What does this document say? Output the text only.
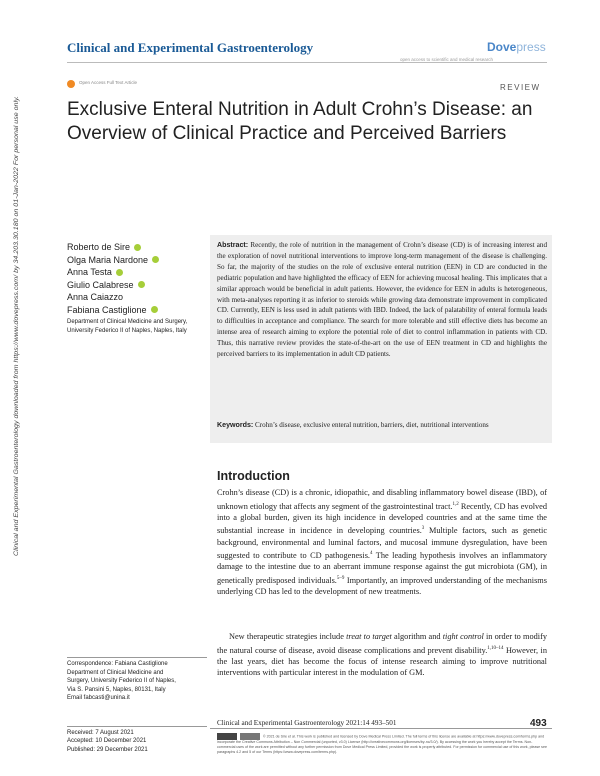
Clinical and Experimental Gastroenterology	Dovepress
open access to scientific and medical research
Open Access Full Text Article
REVIEW
Exclusive Enteral Nutrition in Adult Crohn’s Disease: an Overview of Clinical Practice and Perceived Barriers
Clinical and Experimental Gastroenterology downloaded from https://www.dovepress.com/ by 34.203.30.180 on 01-Jan-2022 For personal use only.	Roberto de Sire
Olga Maria Nardone
Anna Testa
Giulio Calabrese
Anna Caiazzo
Fabiana Castiglione
Department of Clinical Medicine and Surgery, University Federico II of Naples, Naples, Italy
Abstract: Recently, the role of nutrition in the management of Crohn’s disease (CD) is of increasing interest and the exploration of novel nutritional interventions to improve long-term management of the disease is challenging. So far, the majority of the studies on the role of exclusive enteral nutrition (EEN) in CD are conducted in the pediatric population and have highlighted the efficacy of EEN for achieving mucosal healing. This implicates that a similar approach would be beneficial in adult patients. However, the evidence for EEN in adults is heterogeneous, with meta-analyses reporting it as inferior to steroids while growing data demonstrate improvement in complicated CD. Currently, EEN is less used in adult patients with IBD. Indeed, the lack of palatability of enteral formula leads to difficulties in acceptance and compliance. The search for more tolerable and still effective diets has become an intense area of research aiming to explore the potential role of diet to control inflammation in patients with CD. Thus, this narrative review provides the state-of-the-art on the use of EEN treatment in CD and highlights the perceived barriers to its implementation in adult CD patients.
Keywords: Crohn’s disease, exclusive enteral nutrition, barriers, diet, nutritional interventions
Introduction
Crohn’s disease (CD) is a chronic, idiopathic, and disabling inflammatory bowel disease (IBD), of unknown etiology that affects any segment of the gastrointestinal tract.$^{1,2}$ Recently, CD has evolved into a global burden, given its high incidence in developed countries and at the same time the substantial increase in incidence in developing countries.$^3$ Multiple factors, such as genetic background, environmental and luminal factors, and mucosal immune dysregulation, have been suggested to contribute to CD pathogenesis.$^4$ The leading hypothesis involves an inflammatory damage to the intestine due to an aberrant immune response against the gut microbiota (GM), in genetically predisposed individuals.$^{5-9}$ Importantly, an improved understanding of the mechanisms underlying CD has led to the development of new treatments.
New therapeutic strategies include treat to target algorithm and tight control in order to modify the natural course of disease, avoid disease complications and prevent disability.$^{1,10-14}$ However, in the last years, diet has become the focus of intense research aiming to improve nutritional interventions with particular interest in the modulation of GM.
Correspondence: Fabiana Castiglione
Department of Clinical Medicine and
Surgery, University Federico II of Naples,
Via S. Pansini 5, Naples, 80131, Italy
Email fabcasti@unina.it
Received: 7 August 2021
Accepted: 10 December 2021
Published: 29 December 2021
Clinical and Experimental Gastroenterology 2021:14 493–501	493
© 2021 de Sire et al. This work is published and licensed by Dove Medical Press Limited. The full terms of this license are available at https://www.dovepress.com/terms.php and incorporate the Creative Commons Attribution – Non Commercial (unported, v3.0) License (http://creativecommons.org/licenses/by-nc/3.0/). By accessing the work you hereby accept the Terms. Non-commercial uses of the work are permitted without any further permission from Dove Medical Press Limited, provided the work is properly attributed. For permission for commercial use of this work, please see paragraphs 4.2 and 5 of our Terms (https://www.dovepress.com/terms.php).
